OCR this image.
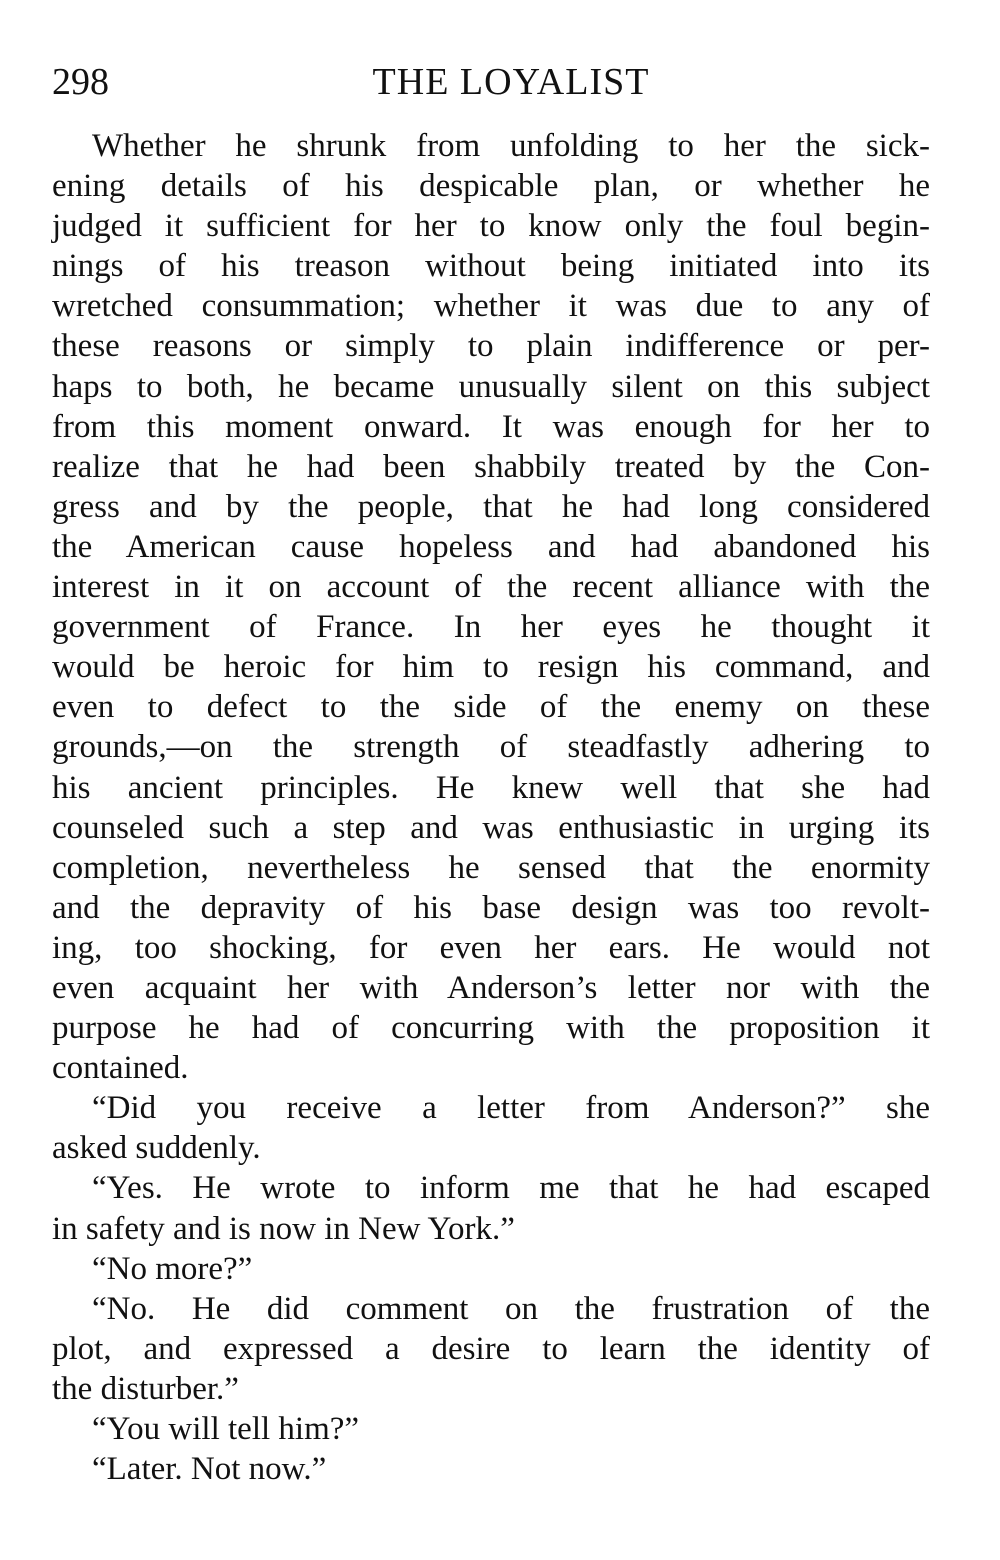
298	THE LOYALIST
Whether he shrunk from unfolding to her the sick-
ening details of his despicable plan, or whether he
judged it sufficient for her to know only the foul begin-
nings of his treason without being initiated into its
wretched consummation; whether it was due to any of
these reasons or simply to plain indifference or per-
haps to both, he became unusually silent on this subject
from this moment onward. It was enough for her to
realize that he had been shabbily treated by the Con-
gress and by the people, that he had long considered
the American cause hopeless and had abandoned his
interest in it on account of the recent alliance with the
government of France. In her eyes he thought it
would be heroic for him to resign his command, and
even to defect to the side of the enemy on these
grounds,—on the strength of steadfastly adhering to
his ancient principles. He knew well that she had
counseled such a step and was enthusiastic in urging its
completion, nevertheless he sensed that the enormity
and the depravity of his base design was too revolt-
ing, too shocking, for even her ears. He would not
even acquaint her with Anderson’s letter nor with the
purpose he had of concurring with the proposition it
contained.
“Did you receive a letter from Anderson?” she
asked suddenly.
“Yes. He wrote to inform me that he had escaped
in safety and is now in New York.”
“No more?”
“No. He did comment on the frustration of the
plot, and expressed a desire to learn the identity of
the disturber.”
“You will tell him?”
“Later. Not now.”
